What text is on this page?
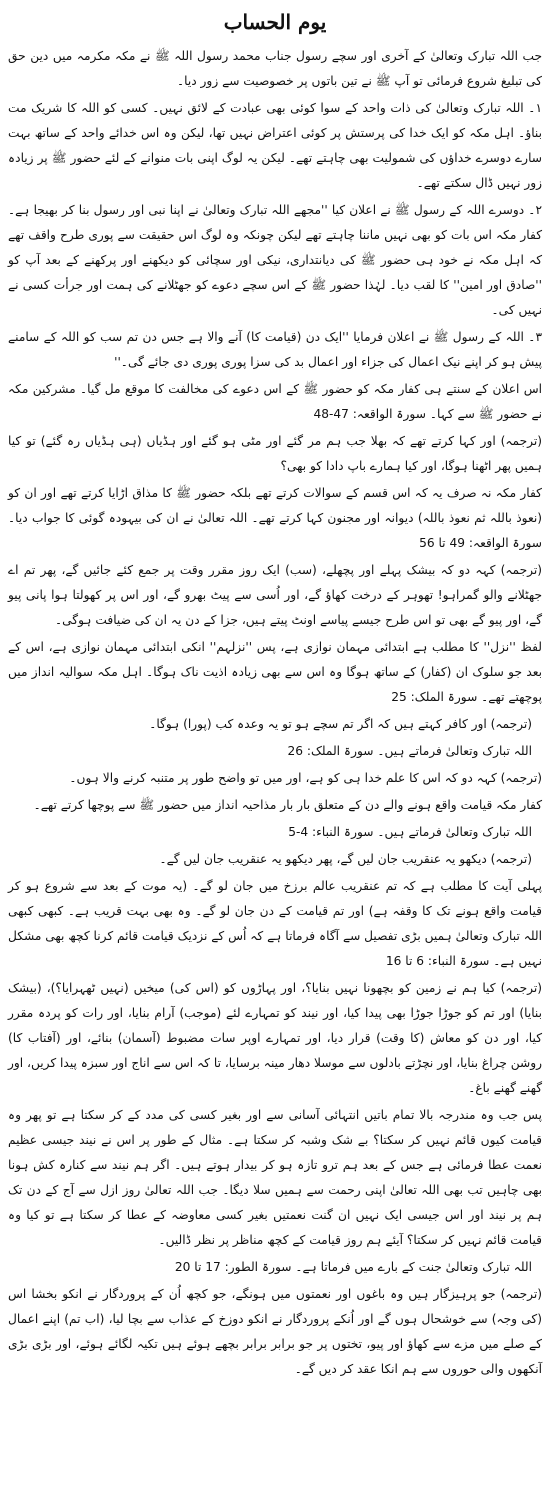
یوم الحساب

جب اللہ تبارک وتعالیٰ کے آخری اور سچے رسول جناب محمد رسول اللہ ﷺ نے مکہ مکرمہ میں دین حق کی تبلیغ شروع فرمائی تو آپ ﷺ نے تین باتوں پر خصوصیت سے زور دیا۔

۱۔ اللہ تبارک وتعالیٰ کی ذات واحد کے سوا کوئی بھی عبادت کے لائق نہیں۔ کسی کو اللہ کا شریک مت بناؤ۔ اہل مکہ کو ایک خدا کی پرستش پر کوئی اعتراض نہیں تھا، لیکن وہ اس خدائے واحد کے ساتھ بہت سارے دوسرے خداؤں کی شمولیت بھی چاہتے تھے۔ لیکن یہ لوگ اپنی بات منوانے کے لئے حضور ﷺ پر زیادہ زور نہیں ڈال سکتے تھے۔

۲۔ دوسرے اللہ کے رسول ﷺ نے اعلان کیا ''مجھے اللہ تبارک وتعالیٰ نے اپنا نبی اور رسول بنا کر بھیجا ہے۔ کفار مکہ اس بات کو بھی نہیں ماننا چاہتے تھے لیکن چونکہ وہ لوگ اس حقیقت سے پوری طرح واقف تھے کہ اہل مکہ نے خود ہی حضور ﷺ کی دیانتداری، نیکی اور سچائی کو دیکھنے اور پرکھنے کے بعد آپ کو ''صادق اور امین'' کا لقب دیا۔ لہٰذا حضور ﷺ کے اس سچے دعوے کو جھٹلانے کی ہمت اور جرأت کسی نے نہیں کی۔

۳۔ اللہ کے رسول ﷺ نے اعلان فرمایا ''ایک دن (قیامت کا) آنے والا ہے جس دن تم سب کو اللہ کے سامنے پیش ہو کر اپنے نیک اعمال کی جزاء اور اعمال بد کی سزا پوری پوری دی جائے گی۔''

اس اعلان کے سنتے ہی کفار مکہ کو حضور ﷺ کے اس دعوے کی مخالفت کا موقع مل گیا۔ مشرکین مکہ نے حضور ﷺ سے کہا۔ سورۃ الواقعہ: 47-48

(ترجمہ) اور کہا کرتے تھے کہ بھلا جب ہم مر گئے اور مٹی ہو گئے اور ہڈیاں (ہی ہڈیاں رہ گئے) تو کیا ہمیں پھر اٹھنا ہوگا، اور کیا ہمارے باپ دادا کو بھی؟

کفار مکہ نہ صرف یہ کہ اس قسم کے سوالات کرتے تھے بلکہ حضور ﷺ کا مذاق اڑایا کرتے تھے اور ان کو (نعوذ باللہ ثم نعوذ باللہ) دیوانہ اور مجنون کہا کرتے تھے۔ اللہ تعالیٰ نے ان کی بیہودہ گوئی کا جواب دیا۔ سورۃ الواقعہ: 49 تا 56

(ترجمہ) کہہ دو کہ بیشک پہلے اور پچھلے، (سب) ایک روز مقرر وقت پر جمع کئے جائیں گے، پھر تم اے جھٹلانے والو گمراہو! تھوہر کے درخت کھاؤ گے، اور اُسی سے پیٹ بھرو گے، اور اس پر کھولتا ہوا پانی پیو گے، اور پیو گے بھی تو اس طرح جیسے پیاسے اونٹ پیتے ہیں، جزا کے دن یہ ان کی ضیافت ہوگی۔

لفظ ''نزل'' کا مطلب ہے ابتدائی مہمان نوازی ہے، پس ''نزلہم'' انکی ابتدائی مہمان نوازی ہے، اس کے بعد جو سلوک ان (کفار) کے ساتھ ہوگا وہ اس سے بھی زیادہ اذیت ناک ہوگا۔ اہل مکہ سوالیہ انداز میں پوچھتے تھے۔ سورۃ الملک: 25

(ترجمہ) اور کافر کہتے ہیں کہ اگر تم سچے ہو تو یہ وعدہ کب (پورا) ہوگا۔

اللہ تبارک وتعالیٰ فرماتے ہیں۔ سورۃ الملک: 26

(ترجمہ) کہہ دو کہ اس کا علم خدا ہی کو ہے، اور میں تو واضح طور پر متنبہ کرنے والا ہوں۔

کفار مکہ قیامت واقع ہونے والے دن کے متعلق بار بار مذاحیہ انداز میں حضور ﷺ سے پوچھا کرتے تھے۔

اللہ تبارک وتعالیٰ فرماتے ہیں۔ سورۃ النباء: 4-5

(ترجمہ) دیکھو یہ عنقریب جان لیں گے، پھر دیکھو یہ عنقریب جان لیں گے۔

پہلی آیت کا مطلب ہے کہ تم عنقریب عالم برزخ میں جان لو گے۔ (یہ موت کے بعد سے شروع ہو کر قیامت واقع ہونے تک کا وقفہ ہے) اور تم قیامت کے دن جان لو گے۔ وہ بھی بہت قریب ہے۔ کبھی کبھی اللہ تبارک وتعالیٰ ہمیں بڑی تفصیل سے آگاہ فرماتا ہے کہ اُس کے نزدیک قیامت قائم کرنا کچھ بھی مشکل نہیں ہے۔ سورۃ النباء: 6 تا 16

(ترجمہ) کیا ہم نے زمین کو بچھونا نہیں بنایا؟، اور پہاڑوں کو (اس کی) میخیں (نہیں ٹھہرایا؟)، (بیشک بنایا) اور تم کو جوڑا جوڑا بھی پیدا کیا، اور نیند کو تمہارے لئے (موجب) آرام بنایا، اور رات کو پردہ مقرر کیا، اور دن کو معاش (کا وقت) قرار دیا، اور تمہارے اوپر سات مضبوط (آسمان) بنائے، اور (آفتاب کا) روشن چراغ بنایا، اور نچڑتے بادلوں سے موسلا دھار مینہ برسایا، تا کہ اس سے اناج اور سبزہ پیدا کریں، اور گھنے گھنے باغ۔

پس جب وہ مندرجہ بالا تمام باتیں انتہائی آسانی سے اور بغیر کسی کی مدد کے کر سکتا ہے تو پھر وہ قیامت کیوں قائم نہیں کر سکتا؟ بے شک وشبہ کر سکتا ہے۔ مثال کے طور پر اس نے نیند جیسی عظیم نعمت عطا فرمائی ہے جس کے بعد ہم ترو تازہ ہو کر بیدار ہوتے ہیں۔ اگر ہم نیند سے کنارہ کش ہونا بھی چاہیں تب بھی اللہ تعالیٰ اپنی رحمت سے ہمیں سلا دیگا۔ جب اللہ تعالیٰ روز ازل سے آج کے دن تک ہم پر نیند اور اس جیسی ایک نہیں ان گنت نعمتیں بغیر کسی معاوضہ کے عطا کر سکتا ہے تو کیا وہ قیامت قائم نہیں کر سکتا؟ آیئے ہم روز قیامت کے کچھ مناظر پر نظر ڈالیں۔

اللہ تبارک وتعالیٰ جنت کے بارے میں فرماتا ہے۔ سورۃ الطور: 17 تا 20

(ترجمہ) جو پرہیزگار ہیں وہ باغوں اور نعمتوں میں ہونگے، جو کچھ اُن کے پروردگار نے انکو بخشا اس (کی وجہ) سے خوشحال ہوں گے اور اُنکے پروردگار نے انکو دوزخ کے عذاب سے بچا لیا، (اب تم) اپنے اعمال کے صلے میں مزے سے کھاؤ اور پیو، تختوں پر جو برابر برابر بچھے ہوئے ہیں تکیہ لگائے ہوئے، اور بڑی بڑی آنکھوں والی حوروں سے ہم انکا عقد کر دیں گے۔
